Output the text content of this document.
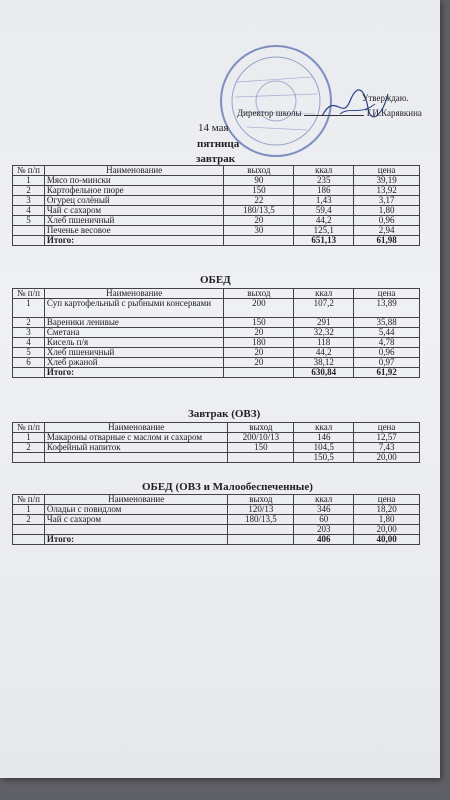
Утверждаю.
Директор школы	Т.И.Карявкина
14 мая
пятница
завтрак
№ п/п	Наименование	выход	ккал	цена
1	Мясо по-мински	90	235	39,19
2	Картофельное пюре	150	186	13,92
3	Огурец солёный	22	1,43	3,17
4	Чай с сахаром	180/13,5	59,4	1,80
5	Хлеб пшеничный	20	44,2	0,96
	Печенье весовое	30	125,1	2,94
	Итого:		651,13	61,98
ОБЕД
№ п/п	Наименование	выход	ккал	цена
1	Суп картофельный с рыбными консервами	200	107,2	13,89
2	Вареники ленивые	150	291	35,88
3	Сметана	20	32,32	5,44
4	Кисель п/я	180	118	4,78
5	Хлеб пшеничный	20	44,2	0,96
6	Хлеб ржаной	20	38,12	0,97
	Итого:		630,84	61,92
Завтрак (ОВЗ)
№ п/п	Наименование	выход	ккал	цена
1	Макароны отварные с маслом и сахаром	200/10/13	146	12,57
2	Кофейный напиток	150	104,5	7,43
			150,5	20,00
ОБЕД (ОВЗ и Малообеспеченные)
№ п/п	Наименование	выход	ккал	цена
1	Оладьи с повидлом	120/13	346	18,20
2	Чай с сахаром	180/13,5	60	1,80
			203	20,00
	Итого:		406	40,00
